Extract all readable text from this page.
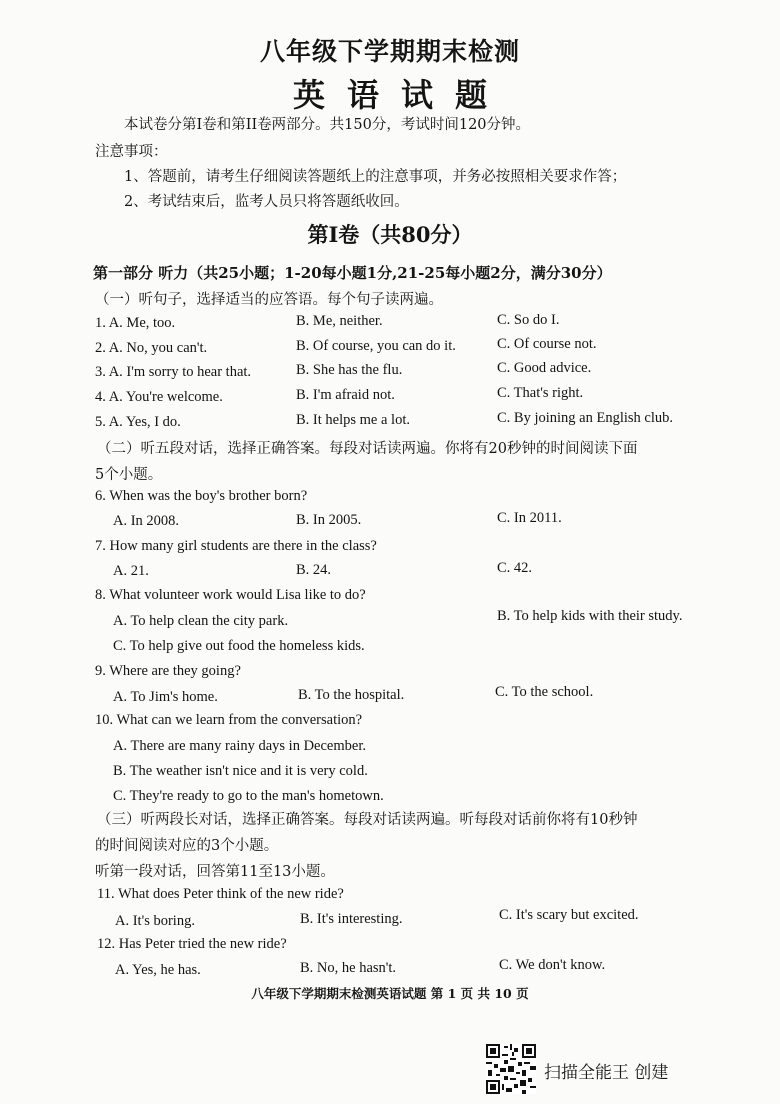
八年级下学期期末检测
英语试题
本试卷分第I卷和第II卷两部分。共150分，考试时间120分钟。
注意事项：
1、答题前，请考生仔细阅读答题纸上的注意事项，并务必按照相关要求作答；
2、考试结束后，监考人员只将答题纸收回。
第I卷（共80分）
第一部分 听力（共25小题；1-20每小题1分,21-25每小题2分，满分30分）
（一）听句子，选择适当的应答语。每个句子读两遍。
1. A. Me, too.	B. Me, neither.	C. So do I.
2. A. No, you can't.	B. Of course, you can do it.	C. Of course not.
3. A. I'm sorry to hear that.	B. She has the flu.	C. Good advice.
4. A. You're welcome.	B. I'm afraid not.	C. That's right.
5. A. Yes, I do.	B. It helps me a lot.	C. By joining an English club.
（二）听五段对话，选择正确答案。每段对话读两遍。你将有20秒钟的时间阅读下面
5个小题。
6. When was the boy's brother born?
A. In 2008.	B. In 2005.	C. In 2011.
7. How many girl students are there in the class?
A. 21.	B. 24.	C. 42.
8. What volunteer work would Lisa like to do?
A. To help clean the city park.	B. To help kids with their study.
C. To help give out food the homeless kids.
9. Where are they going?
A. To Jim's home.	B. To the hospital.	C. To the school.
10. What can we learn from the conversation?
A. There are many rainy days in December.
B. The weather isn't nice and it is very cold.
C. They're ready to go to the man's hometown.
（三）听两段长对话，选择正确答案。每段对话读两遍。听每段对话前你将有10秒钟
的时间阅读对应的3个小题。
听第一段对话，回答第11至13小题。
11. What does Peter think of the new ride?
A. It's boring.	B. It's interesting.	C. It's scary but excited.
12. Has Peter tried the new ride?
A. Yes, he has.	B. No, he hasn't.	C. We don't know.
八年级下学期期末检测英语试题 第 1 页 共 10 页
扫描全能王 创建
